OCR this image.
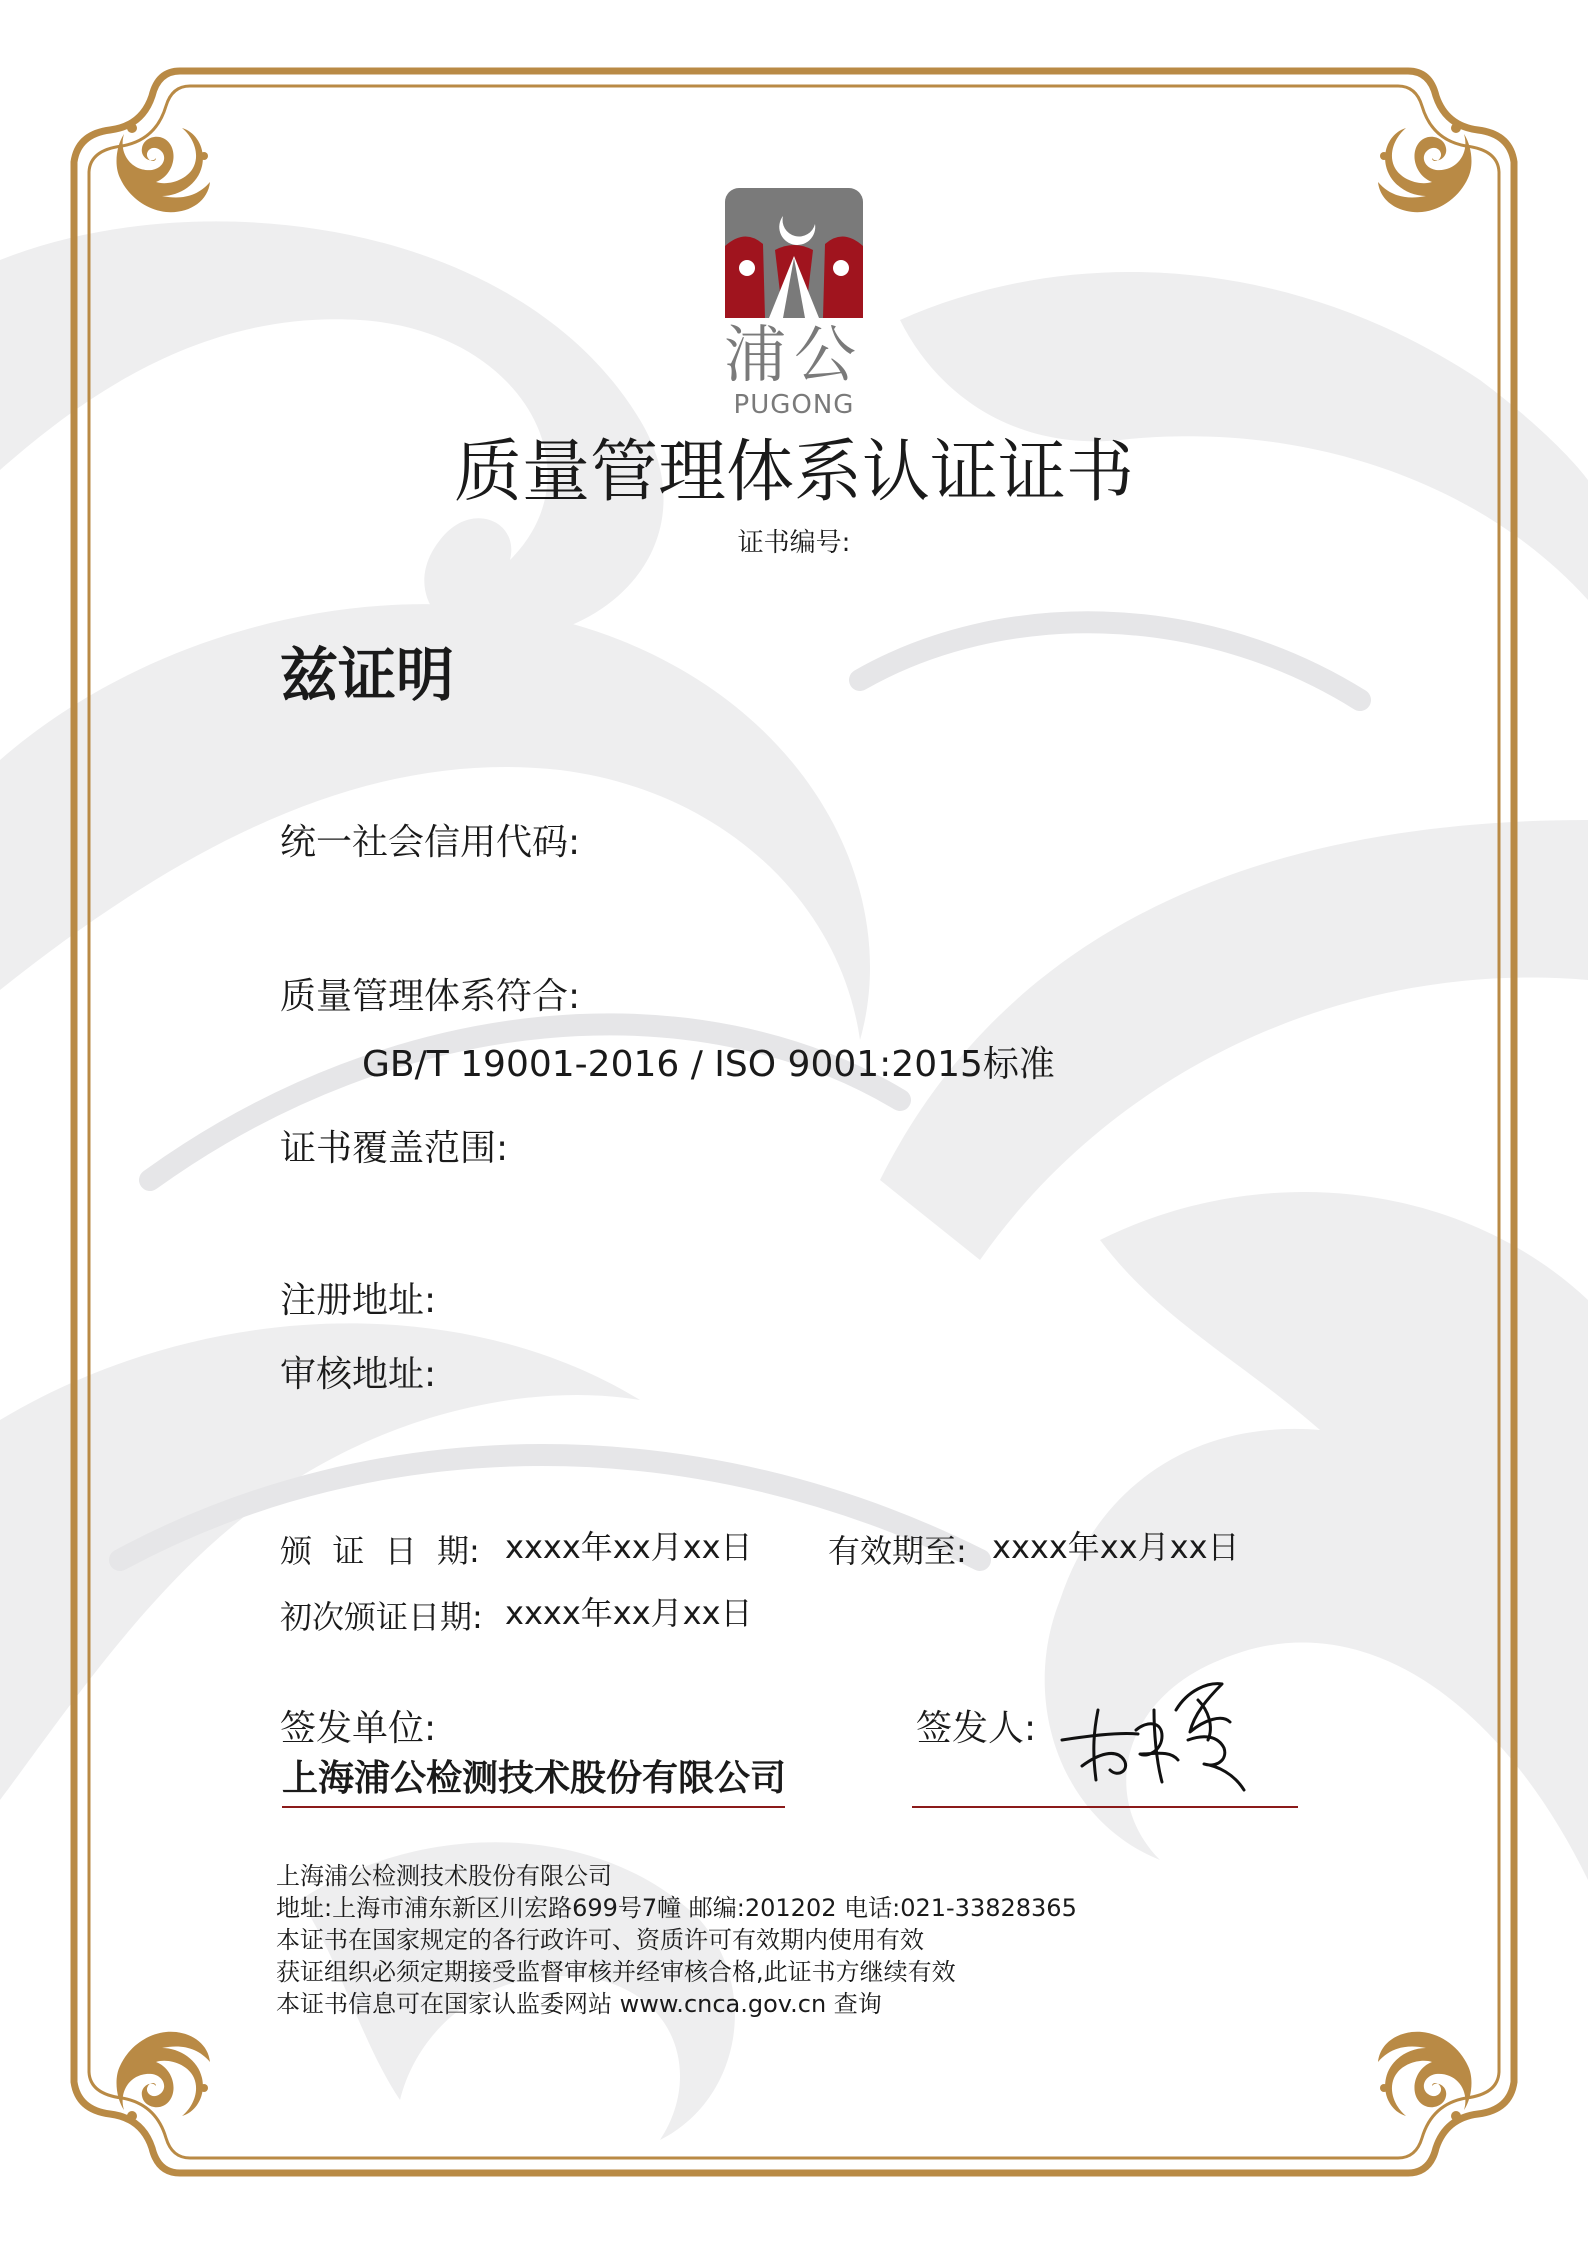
浦公
PUGONG
质量管理体系认证证书
证书编号:
兹证明
统一社会信用代码:
质量管理体系符合:
GB/T 19001-2016 / ISO 9001:2015标准
证书覆盖范围:
注册地址:
审核地址:
颁  证  日  期: xxxx年xx月xx日 有效期至: xxxx年xx月xx日
初次颁证日期: xxxx年xx月xx日
签发单位:
上海浦公检测技术股份有限公司
签发人:
上海浦公检测技术股份有限公司
地址:上海市浦东新区川宏路699号7幢 邮编:201202 电话:021-33828365
本证书在国家规定的各行政许可、资质许可有效期内使用有效
获证组织必须定期接受监督审核并经审核合格,此证书方继续有效
本证书信息可在国家认监委网站 www.cnca.gov.cn 查询
